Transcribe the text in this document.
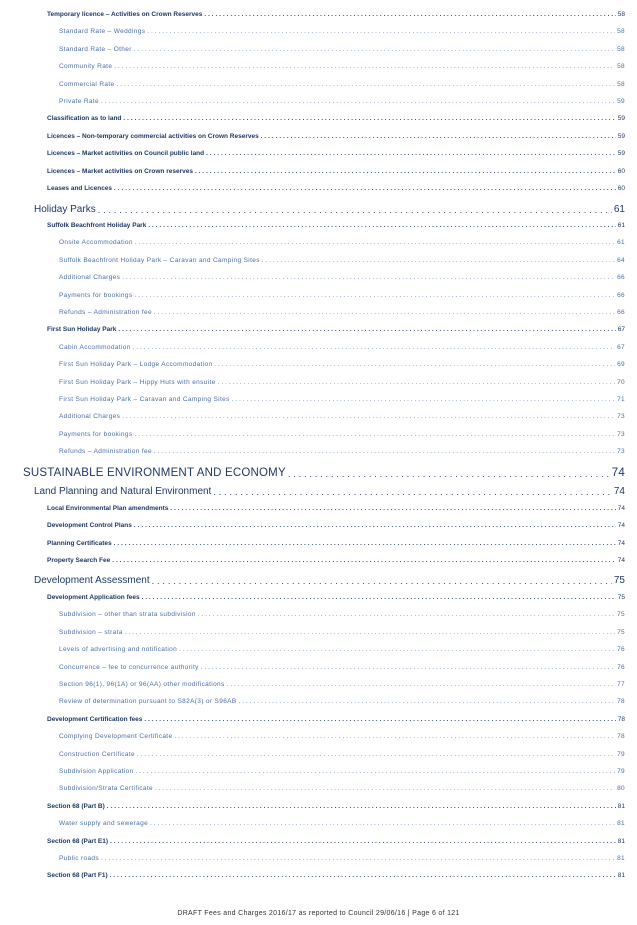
Temporary licence – Activities on Crown Reserves . . .	58
Standard Rate – Weddings . . .	58
Standard Rate – Other . . .	58
Community Rate . . .	58
Commercial Rate . . .	58
Private Rate . . .	59
Classification as to land . . .	59
Licences – Non-temporary commercial activities on Crown Reserves . . .	59
Licences – Market activities on Council public land . . .	59
Licences – Market activities on Crown reserves . . .	60
Leases and Licences . . .	60
Holiday Parks . . .	61
Suffolk Beachfront Holiday Park . . .	61
Onsite Accommodation . . .	61
Suffolk Beachfront Holiday Park – Caravan and Camping Sites . . .	64
Additional Charges . . .	66
Payments for bookings . . .	66
Refunds – Administration fee . . .	66
First Sun Holiday Park . . .	67
Cabin Accommodation . . .	67
First Sun Holiday Park – Lodge Accommodation . . .	69
First Sun Holiday Park – Hippy Huts with ensuite . . .	70
First Sun Holiday Park – Caravan and Camping Sites . . .	71
Additional Charges . . .	73
Payments for bookings . . .	73
Refunds – Administration fee . . .	73
SUSTAINABLE ENVIRONMENT AND ECONOMY . . .	74
Land Planning and Natural Environment . . .	74
Local Environmental Plan amendments . . .	74
Development Control Plans . . .	74
Planning Certificates . . .	74
Property Search Fee . . .	74
Development Assessment . . .	75
Development Application fees . . .	75
Subdivision – other than strata subdivision . . .	75
Subdivision – strata . . .	75
Levels of advertising and notification . . .	76
Concurrence – fee to concurrence authority . . .	76
Section 96(1), 96(1A) or 96(AA) other modifications . . .	77
Review of determination pursuant to S82A(3) or S96AB . . .	78
Development Certification fees . . .	78
Complying Development Certificate . . .	78
Construction Certificate . . .	79
Subdivision Application . . .	79
Subdivision/Strata Certificate . . .	80
Section 68 (Part B) . . .	81
Water supply and sewerage . . .	81
Section 68 (Part E1) . . .	81
Public roads . . .	81
Section 68 (Part F1) . . .	81
DRAFT Fees and Charges 2016/17 as reported to Council 29/06/16 | Page 6 of 121
